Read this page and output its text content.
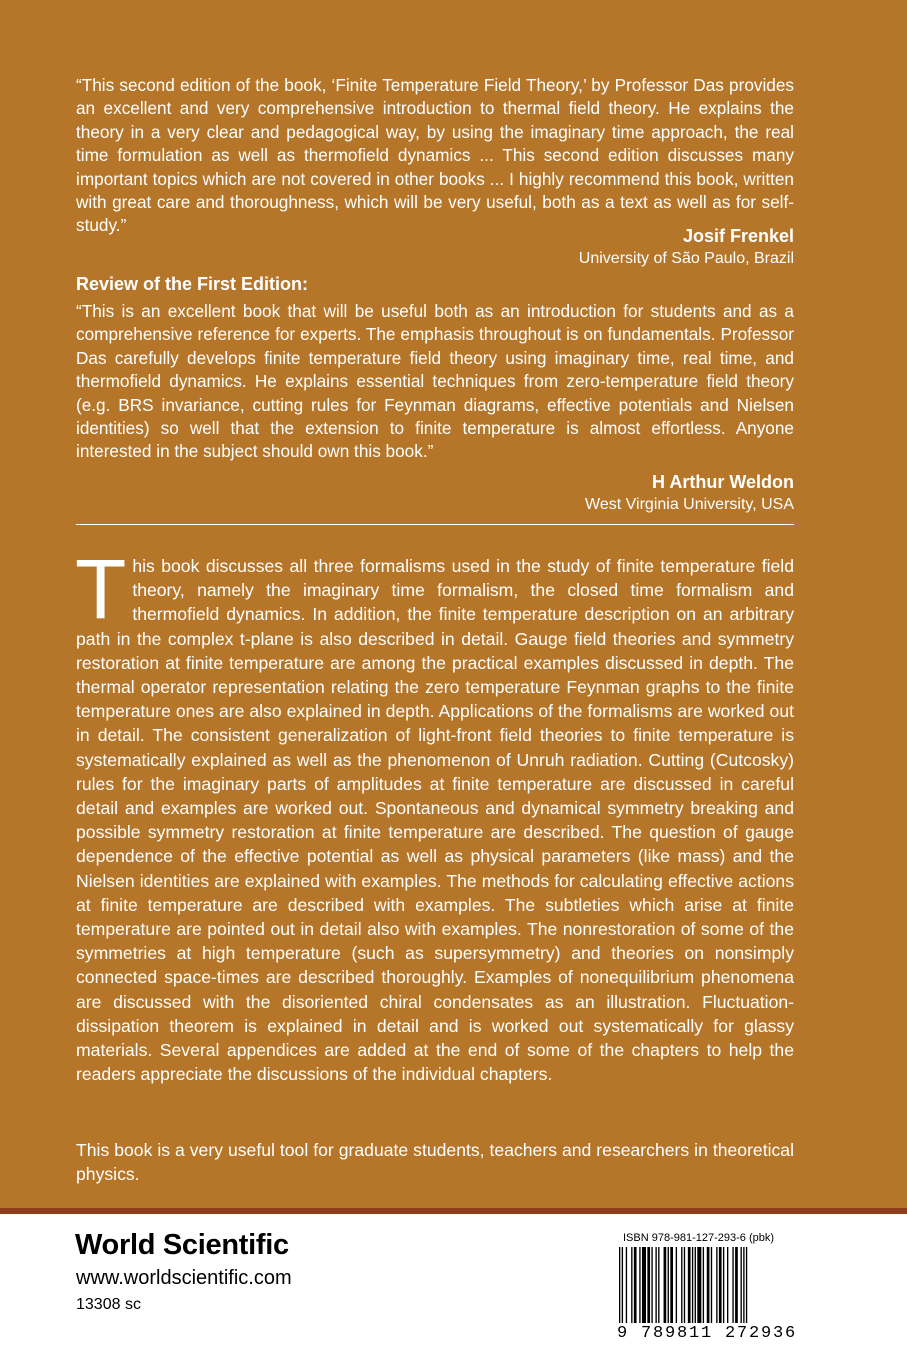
“This second edition of the book, ‘Finite Temperature Field Theory,’ by Professor Das provides an excellent and very comprehensive introduction to thermal field theory. He explains the theory in a very clear and pedagogical way, by using the imaginary time approach, the real time formulation as well as thermofield dynamics ... This second edition discusses many important topics which are not covered in other books ... I highly recommend this book, written with great care and thoroughness, which will be very useful, both as a text as well as for self-study.”

Josif Frenkel

University of São Paulo, Brazil

Review of the First Edition:

“This is an excellent book that will be useful both as an introduction for students and as a comprehensive reference for experts. The emphasis throughout is on fundamentals. Professor Das carefully develops finite temperature field theory using imaginary time, real time, and thermofield dynamics. He explains essential techniques from zero-temperature field theory (e.g. BRS invariance, cutting rules for Feynman diagrams, effective potentials and Nielsen identities) so well that the extension to finite temperature is almost effortless. Anyone interested in the subject should own this book.”

H Arthur Weldon

West Virginia University, USA

This book discusses all three formalisms used in the study of finite temperature field theory, namely the imaginary time formalism, the closed time formalism and thermofield dynamics. In addition, the finite temperature description on an arbitrary path in the complex t-plane is also described in detail. Gauge field theories and symmetry restoration at finite temperature are among the practical examples discussed in depth. The thermal operator representation relating the zero temperature Feynman graphs to the finite temperature ones are also explained in depth. Applications of the formalisms are worked out in detail. The consistent generalization of light-front field theories to finite temperature is systematically explained as well as the phenomenon of Unruh radiation. Cutting (Cutcosky) rules for the imaginary parts of amplitudes at finite temperature are discussed in careful detail and examples are worked out. Spontaneous and dynamical symmetry breaking and possible symmetry restoration at finite temperature are described. The question of gauge dependence of the effective potential as well as physical parameters (like mass) and the Nielsen identities are explained with examples. The methods for calculating effective actions at finite temperature are described with examples. The subtleties which arise at finite temperature are pointed out in detail also with examples. The nonrestoration of some of the symmetries at high temperature (such as supersymmetry) and theories on nonsimply connected space-times are described thoroughly. Examples of nonequilibrium phenomena are discussed with the disoriented chiral condensates as an illustration. Fluctuation-dissipation theorem is explained in detail and is worked out systematically for glassy materials. Several appendices are added at the end of some of the chapters to help the readers appreciate the discussions of the individual chapters.

This book is a very useful tool for graduate students, teachers and researchers in theoretical physics.

World Scientific

www.worldscientific.com

13308 sc

ISBN 978-981-127-293-6 (pbk)

9 789811 272936
